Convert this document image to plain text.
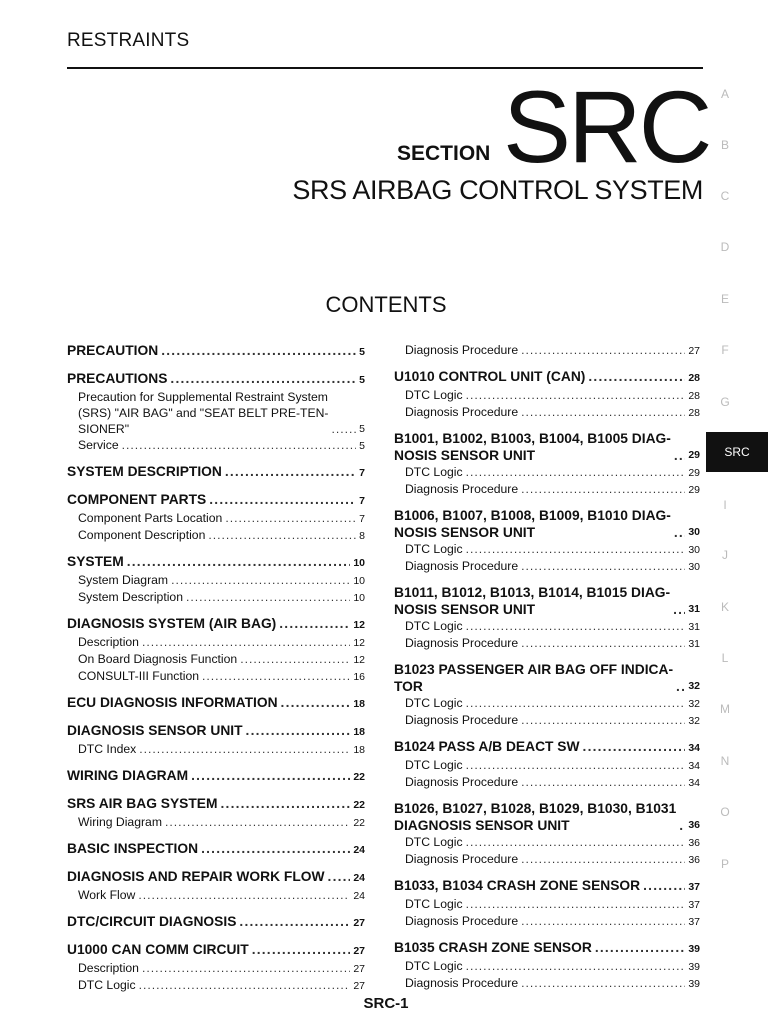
RESTRAINTS
SECTION SRC
SRS AIRBAG CONTROL SYSTEM
CONTENTS
A
B
C
D
E
F
G
SRC
I
J
K
L
M
N
O
P
PRECAUTION .....	5
PRECAUTIONS .....	5
Precaution for Supplemental Restraint System
(SRS) "AIR BAG" and "SEAT BELT PRE-TEN-
SIONER" .....	5
Service .....	5
SYSTEM DESCRIPTION .....	7
COMPONENT PARTS .....	7
Component Parts Location .....	7
Component Description .....	8
SYSTEM .....	10
System Diagram .....	10
System Description .....	10
DIAGNOSIS SYSTEM (AIR BAG) .....	12
Description .....	12
On Board Diagnosis Function .....	12
CONSULT-III Function .....	16
ECU DIAGNOSIS INFORMATION .....	18
DIAGNOSIS SENSOR UNIT .....	18
DTC Index .....	18
WIRING DIAGRAM .....	22
SRS AIR BAG SYSTEM .....	22
Wiring Diagram .....	22
BASIC INSPECTION .....	24
DIAGNOSIS AND REPAIR WORK FLOW .....	24
Work Flow .....	24
DTC/CIRCUIT DIAGNOSIS .....	27
U1000 CAN COMM CIRCUIT .....	27
Description .....	27
DTC Logic .....	27
Diagnosis Procedure .....	27
U1010 CONTROL UNIT (CAN) .....	28
DTC Logic .....	28
Diagnosis Procedure .....	28
B1001, B1002, B1003, B1004, B1005 DIAG-
NOSIS SENSOR UNIT .....	29
DTC Logic .....	29
Diagnosis Procedure .....	29
B1006, B1007, B1008, B1009, B1010 DIAG-
NOSIS SENSOR UNIT .....	30
DTC Logic .....	30
Diagnosis Procedure .....	30
B1011, B1012, B1013, B1014, B1015 DIAG-
NOSIS SENSOR UNIT .....	31
DTC Logic .....	31
Diagnosis Procedure .....	31
B1023 PASSENGER AIR BAG OFF INDICA-
TOR .....	32
DTC Logic .....	32
Diagnosis Procedure .....	32
B1024 PASS A/B DEACT SW .....	34
DTC Logic .....	34
Diagnosis Procedure .....	34
B1026, B1027, B1028, B1029, B1030, B1031
DIAGNOSIS SENSOR UNIT .....	36
DTC Logic .....	36
Diagnosis Procedure .....	36
B1033, B1034 CRASH ZONE SENSOR .....	37
DTC Logic .....	37
Diagnosis Procedure .....	37
B1035 CRASH ZONE SENSOR .....	39
DTC Logic .....	39
Diagnosis Procedure .....	39
SRC-1
